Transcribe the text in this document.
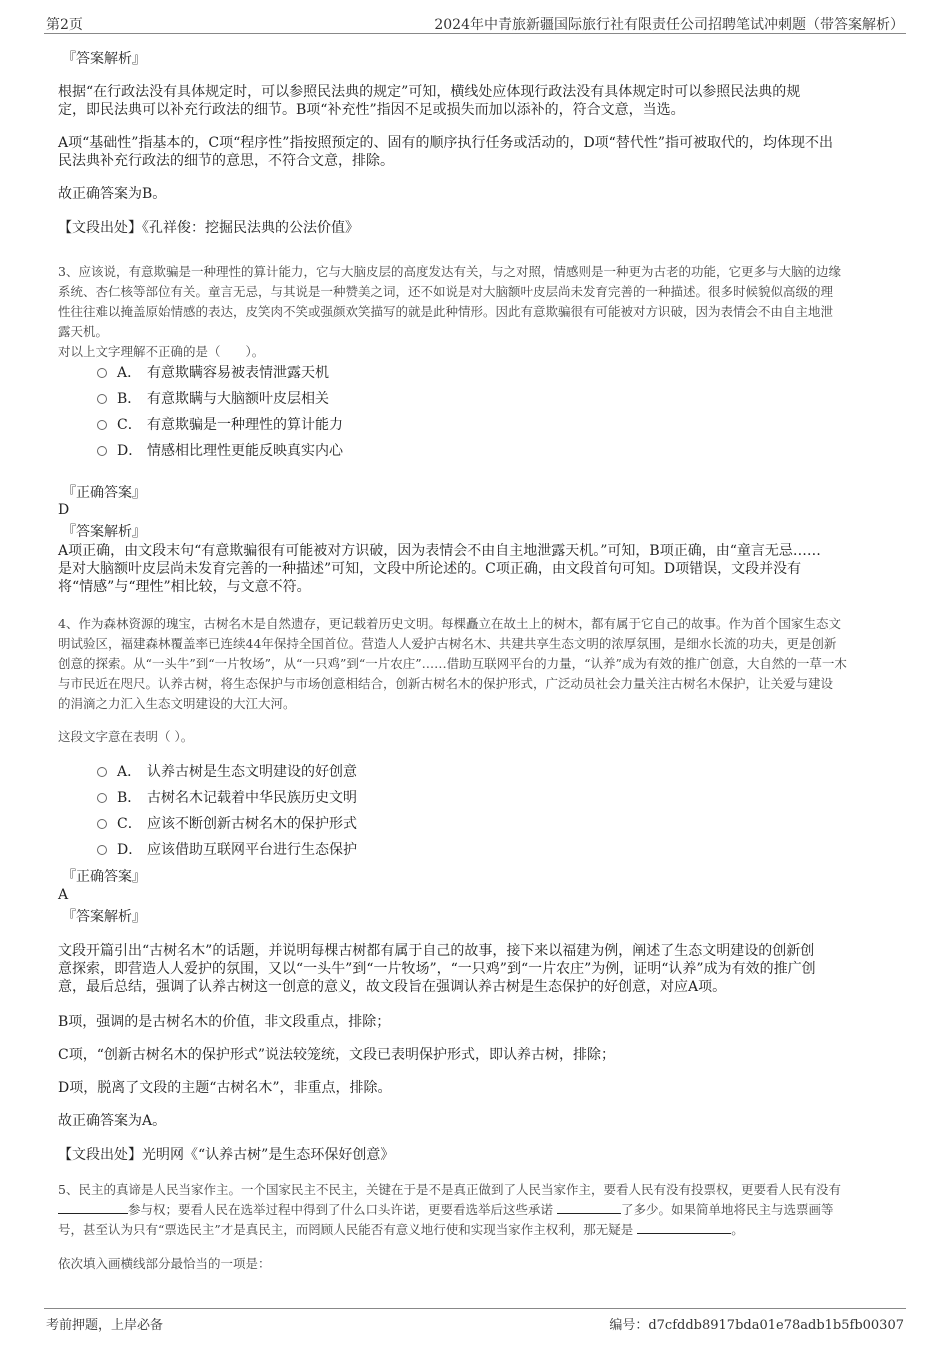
第2页	2024年中青旅新疆国际旅行社有限责任公司招聘笔试冲刺题（带答案解析）
『答案解析』
根据“在行政法没有具体规定时，可以参照民法典的规定”可知，横线处应体现行政法没有具体规定时可以参照民法典的规
定，即民法典可以补充行政法的细节。B项“补充性”指因不足或损失而加以添补的，符合文意，当选。
A项“基础性”指基本的，C项“程序性”指按照预定的、固有的顺序执行任务或活动的，D项“替代性”指可被取代的，均体现不出
民法典补充行政法的细节的意思，不符合文意，排除。
故正确答案为B。
【文段出处】《孔祥俊：挖掘民法典的公法价值》
3、应该说，有意欺骗是一种理性的算计能力，它与大脑皮层的高度发达有关，与之对照，情感则是一种更为古老的功能，它更多与大脑的边缘
系统、杏仁核等部位有关。童言无忌，与其说是一种赞美之词，还不如说是对大脑额叶皮层尚未发育完善的一种描述。很多时候貌似高级的理
性往往难以掩盖原始情感的表达，皮笑肉不笑或强颜欢笑描写的就是此种情形。因此有意欺骗很有可能被对方识破，因为表情会不由自主地泄
露天机。
对以上文字理解不正确的是（　　）。
A． 有意欺瞒容易被表情泄露天机
B． 有意欺瞒与大脑额叶皮层相关
C． 有意欺骗是一种理性的算计能力
D． 情感相比理性更能反映真实内心
『正确答案』
D
『答案解析』
A项正确，由文段末句“有意欺骗很有可能被对方识破，因为表情会不由自主地泄露天机。”可知，B项正确，由“童言无忌……
是对大脑额叶皮层尚未发育完善的一种描述”可知，文段中所论述的。C项正确，由文段首句可知。D项错误，文段并没有
将“情感”与“理性”相比较，与文意不符。
4、作为森林资源的瑰宝，古树名木是自然遗存，更记载着历史文明。每棵矗立在故土上的树木，都有属于它自己的故事。作为首个国家生态文
明试验区，福建森林覆盖率已连续44年保持全国首位。营造人人爱护古树名木、共建共享生态文明的浓厚氛围，是细水长流的功夫，更是创新
创意的探索。从“一头牛”到“一片牧场”，从“一只鸡”到“一片农庄”……借助互联网平台的力量，“认养”成为有效的推广创意，大自然的一草一木
与市民近在咫尺。认养古树，将生态保护与市场创意相结合，创新古树名木的保护形式，广泛动员社会力量关注古树名木保护，让关爱与建设
的涓滴之力汇入生态文明建设的大江大河。
这段文字意在表明（ ）。
A． 认养古树是生态文明建设的好创意
B． 古树名木记载着中华民族历史文明
C． 应该不断创新古树名木的保护形式
D． 应该借助互联网平台进行生态保护
『正确答案』
A
『答案解析』
文段开篇引出“古树名木”的话题，并说明每棵古树都有属于自己的故事，接下来以福建为例，阐述了生态文明建设的创新创
意探索，即营造人人爱护的氛围，又以“一头牛”到“一片牧场”，“一只鸡”到“一片农庄”为例，证明“认养”成为有效的推广创
意，最后总结，强调了认养古树这一创意的意义，故文段旨在强调认养古树是生态保护的好创意，对应A项。
B项，强调的是古树名木的价值，非文段重点，排除；
C项，“创新古树名木的保护形式”说法较笼统，文段已表明保护形式，即认养古树，排除；
D项，脱离了文段的主题“古树名木”，非重点，排除。
故正确答案为A。
【文段出处】光明网《“认养古树”是生态环保好创意》
5、民主的真谛是人民当家作主。一个国家民主不民主，关键在于是不是真正做到了人民当家作主，要看人民有没有投票权，更要看人民有没有
参与权；要看人民在选举过程中得到了什么口头许诺，更要看选举后这些承诺	了多少。如果简单地将民主与选票画等
号，甚至认为只有“票选民主”才是真民主，而罔顾人民能否有意义地行使和实现当家作主权利，那无疑是	。
依次填入画横线部分最恰当的一项是：
考前押题，上岸必备	编号：d7cfddb8917bda01e78adb1b5fb00307
